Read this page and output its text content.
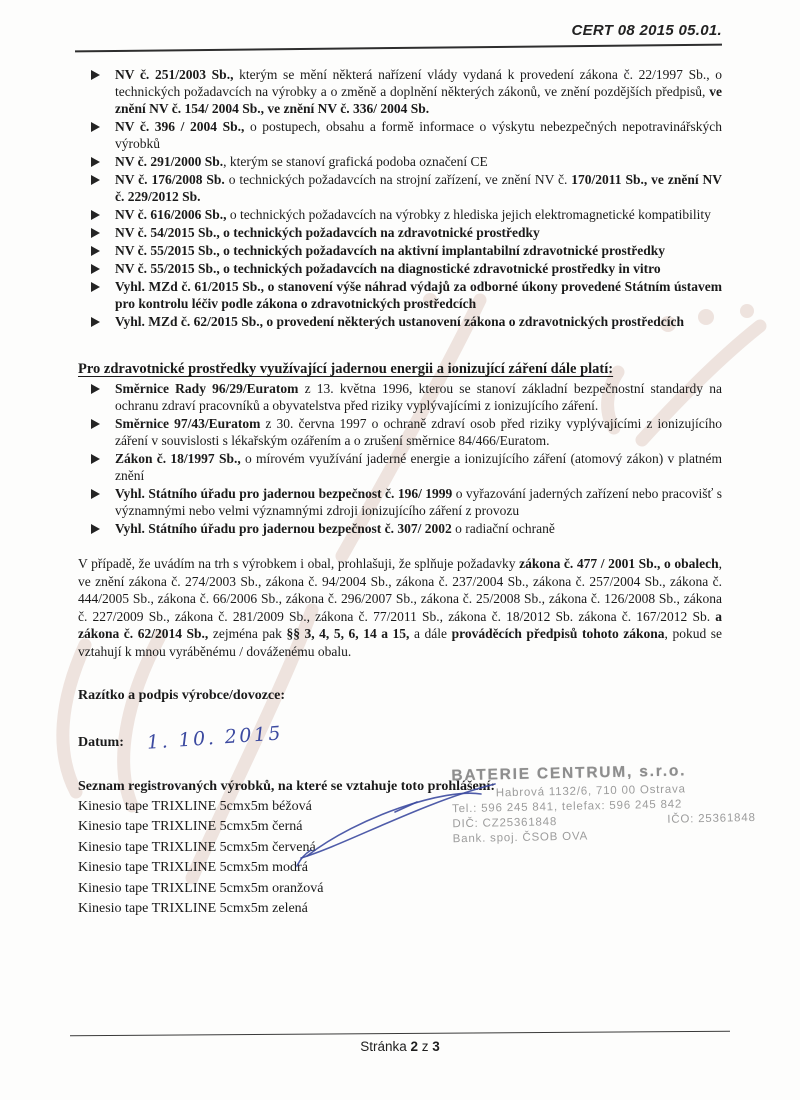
CERT 08 2015 05.01.
NV č. 251/2003 Sb., kterým se mění některá nařízení vlády vydaná k provedení zákona č. 22/1997 Sb., o technických požadavcích na výrobky a o změně a doplnění některých zákonů, ve znění pozdějších předpisů, ve znění NV č. 154/ 2004 Sb., ve znění NV č. 336/ 2004 Sb.
NV č. 396 / 2004 Sb., o postupech, obsahu a formě informace o výskytu nebezpečných nepotravinářských výrobků
NV č. 291/2000 Sb., kterým se stanoví grafická podoba označení CE
NV č. 176/2008 Sb. o technických požadavcích na strojní zařízení, ve znění NV č. 170/2011 Sb., ve znění NV č. 229/2012 Sb.
NV č. 616/2006 Sb., o technických požadavcích na výrobky z hlediska jejich elektromagnetické kompatibility
NV č. 54/2015 Sb., o technických požadavcích na zdravotnické prostředky
NV č. 55/2015 Sb., o technických požadavcích na aktivní implantabilní zdravotnické prostředky
NV č. 55/2015 Sb., o technických požadavcích na diagnostické zdravotnické prostředky in vitro
Vyhl. MZd č. 61/2015 Sb., o stanovení výše náhrad výdajů za odborné úkony provedené Státním ústavem pro kontrolu léčiv podle zákona o zdravotnických prostředcích
Vyhl. MZd č. 62/2015 Sb., o provedení některých ustanovení zákona o zdravotnických prostředcích
Pro zdravotnické prostředky využívající jadernou energii a ionizující záření dále platí:
Směrnice Rady 96/29/Euratom z 13. května 1996, kterou se stanoví základní bezpečnostní standardy na ochranu zdraví pracovníků a obyvatelstva před riziky vyplývajícími z ionizujícího záření.
Směrnice 97/43/Euratom z 30. června 1997 o ochraně zdraví osob před riziky vyplývajícími z ionizujícího záření v souvislosti s lékařským ozářením a o zrušení směrnice 84/466/Euratom.
Zákon č. 18/1997 Sb., o mírovém využívání jaderné energie a ionizujícího záření (atomový zákon) v platném znění
Vyhl. Státního úřadu pro jadernou bezpečnost č. 196/ 1999 o vyřazování jaderných zařízení nebo pracovišť s významnými nebo velmi významnými zdroji ionizujícího záření z provozu
Vyhl. Státního úřadu pro jadernou bezpečnost č. 307/ 2002 o radiační ochraně

V případě, že uvádím na trh s výrobkem i obal, prohlašuji, že splňuje požadavky zákona č. 477 / 2001 Sb., o obalech, ve znění zákona č. 274/2003 Sb., zákona č. 94/2004 Sb., zákona č. 237/2004 Sb., zákona č. 257/2004 Sb., zákona č. 444/2005 Sb., zákona č. 66/2006 Sb., zákona č. 296/2007 Sb., zákona č. 25/2008 Sb., zákona č. 126/2008 Sb., zákona č. 227/2009 Sb., zákona č. 281/2009 Sb., zákona č. 77/2011 Sb., zákona č. 18/2012 Sb. zákona č. 167/2012 Sb. a zákona č. 62/2014 Sb., zejména pak §§ 3, 4, 5, 6, 14 a 15, a dále prováděcích předpisů tohoto zákona, pokud se vztahují k mnou vyráběnému / dováženému obalu.

Razítko a podpis výrobce/dovozce:
Datum: 1. 10. 2015
Seznam registrovaných výrobků, na které se vztahuje toto prohlášení:
Kinesio tape TRIXLINE 5cmx5m béžová
Kinesio tape TRIXLINE 5cmx5m černá
Kinesio tape TRIXLINE 5cmx5m červená
Kinesio tape TRIXLINE 5cmx5m modrá
Kinesio tape TRIXLINE 5cmx5m oranžová
Kinesio tape TRIXLINE 5cmx5m zelená
BATERIE CENTRUM, s.r.o.
Habrová 1132/6, 710 00 Ostrava
Tel.: 596 245 841, telefax: 596 245 842
DIČ: CZ25361848	IČO: 25361848
Bank. spoj. ČSOB OVA
Stránka 2 z 3
